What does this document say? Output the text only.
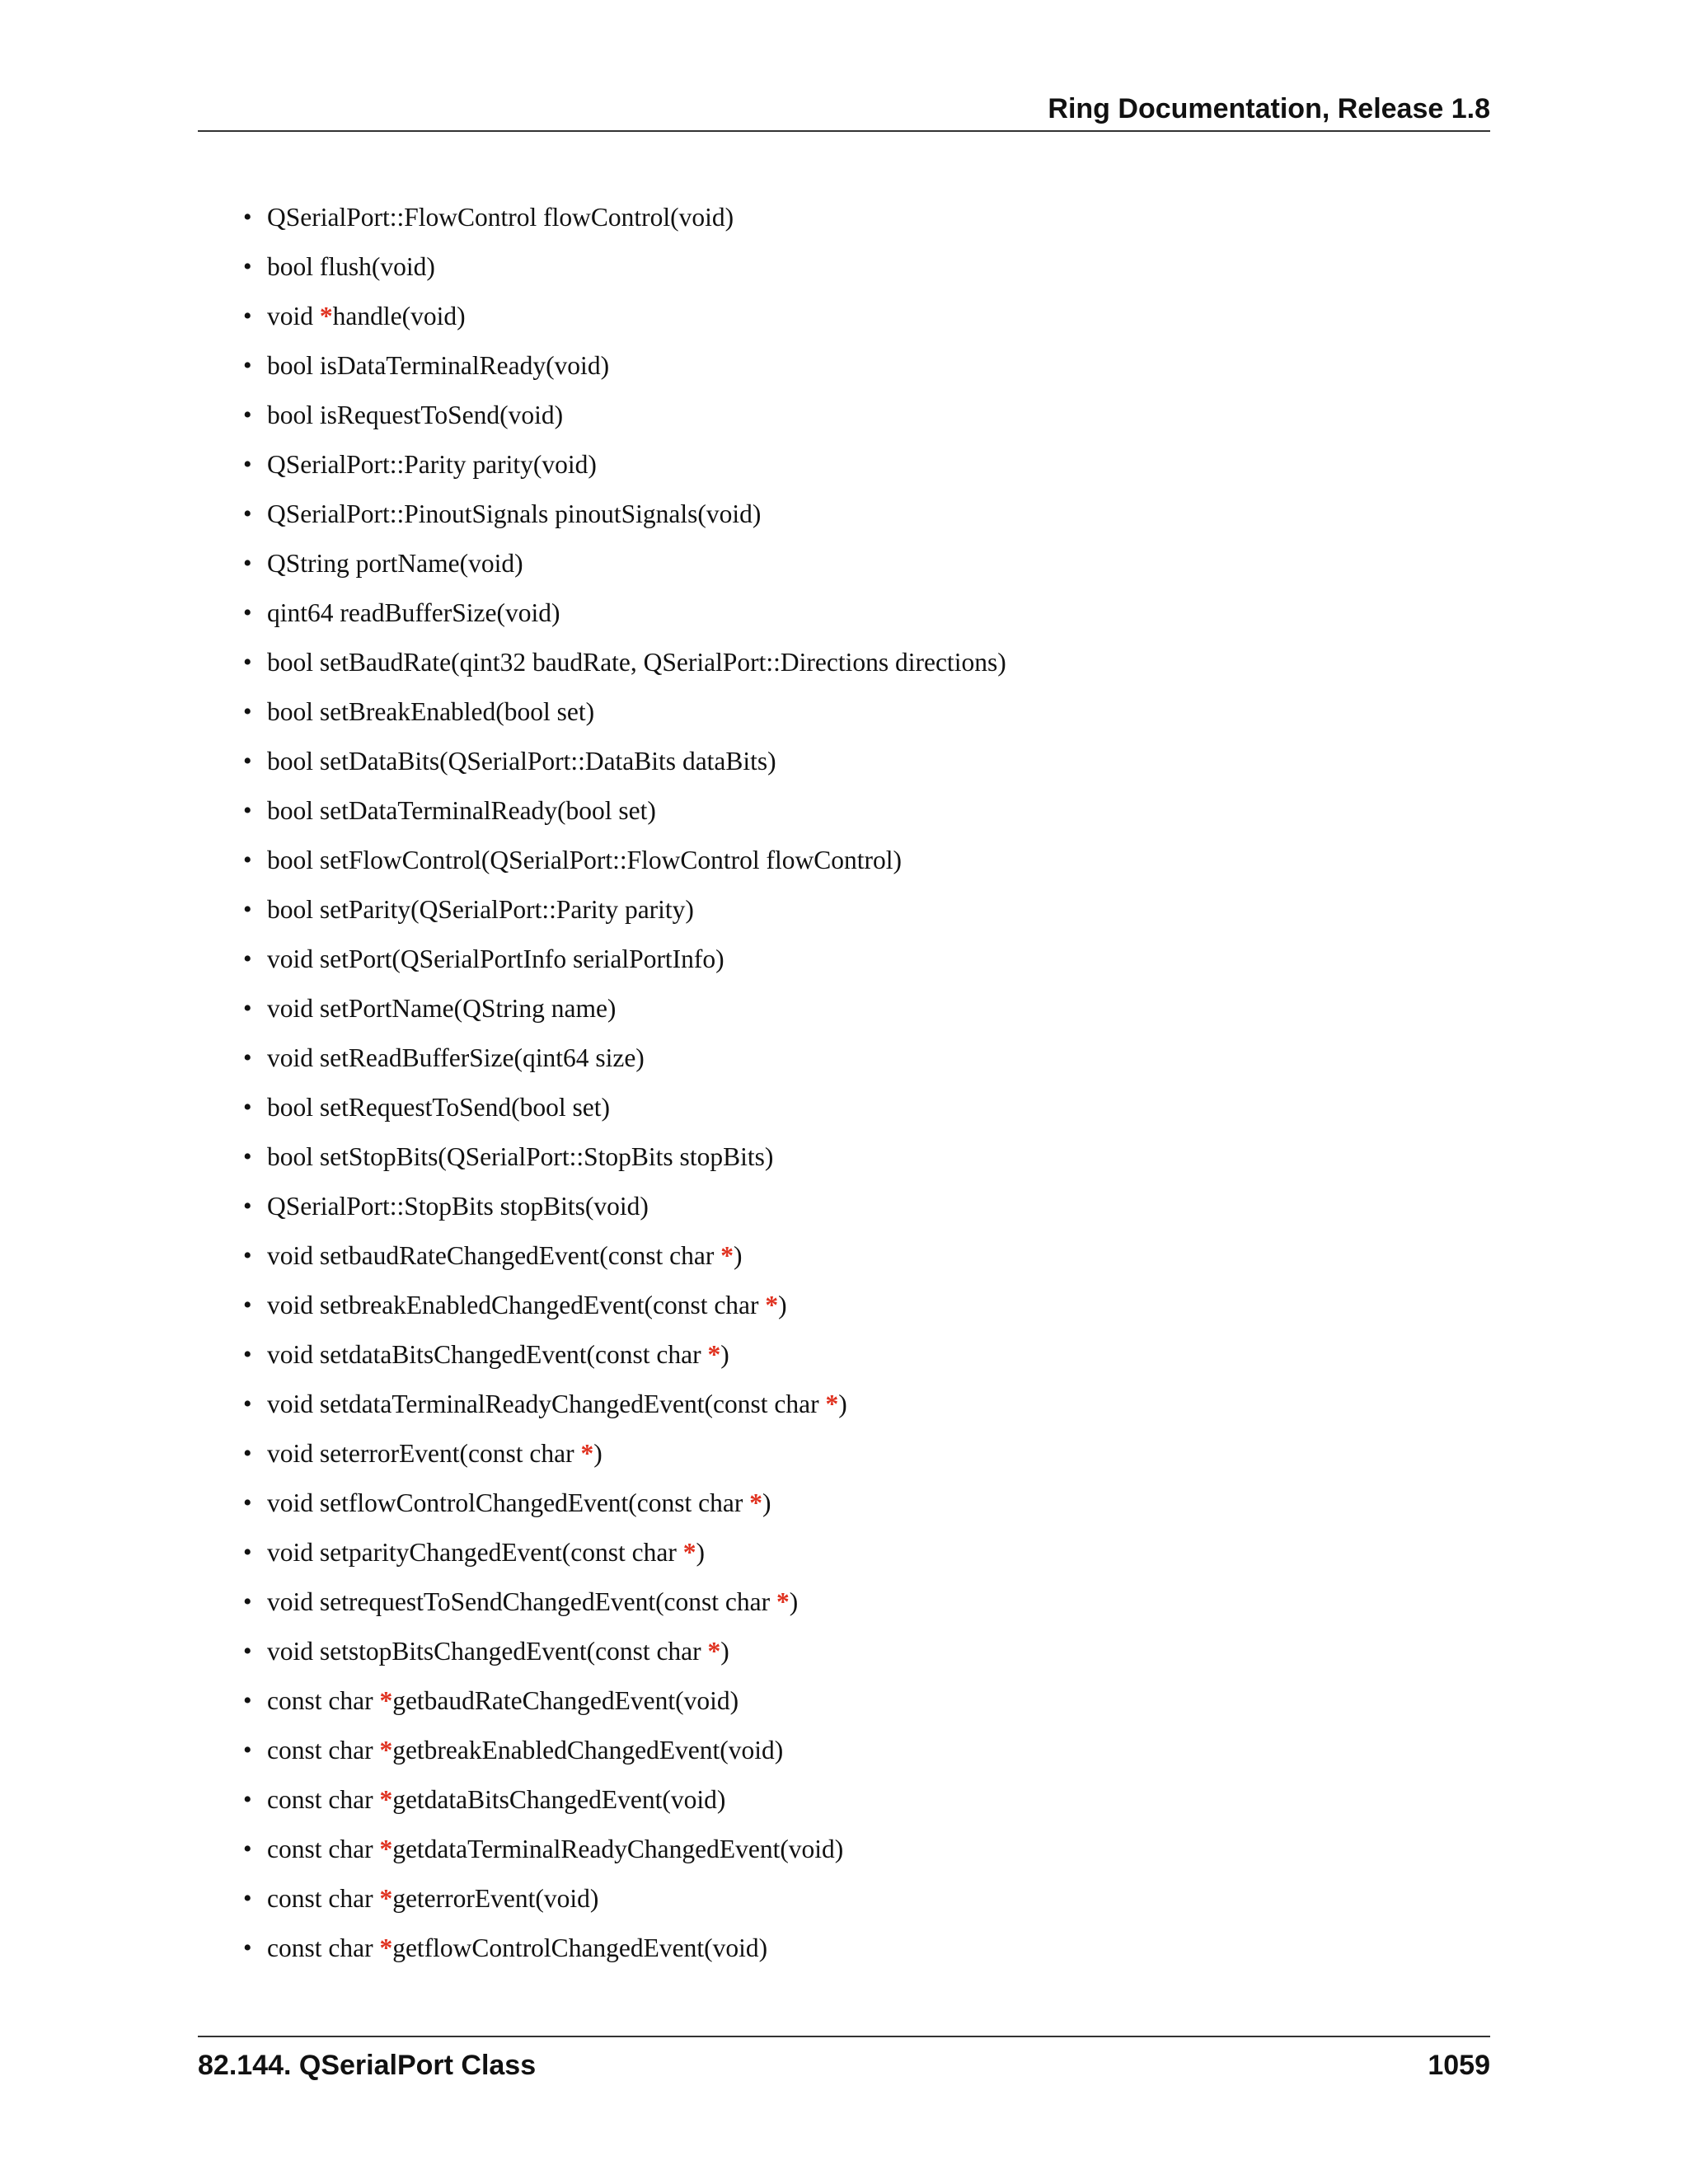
Ring Documentation, Release 1.8
• QSerialPort::FlowControl flowControl(void)
• bool flush(void)
• void *handle(void)
• bool isDataTerminalReady(void)
• bool isRequestToSend(void)
• QSerialPort::Parity parity(void)
• QSerialPort::PinoutSignals pinoutSignals(void)
• QString portName(void)
• qint64 readBufferSize(void)
• bool setBaudRate(qint32 baudRate, QSerialPort::Directions directions)
• bool setBreakEnabled(bool set)
• bool setDataBits(QSerialPort::DataBits dataBits)
• bool setDataTerminalReady(bool set)
• bool setFlowControl(QSerialPort::FlowControl flowControl)
• bool setParity(QSerialPort::Parity parity)
• void setPort(QSerialPortInfo serialPortInfo)
• void setPortName(QString name)
• void setReadBufferSize(qint64 size)
• bool setRequestToSend(bool set)
• bool setStopBits(QSerialPort::StopBits stopBits)
• QSerialPort::StopBits stopBits(void)
• void setbaudRateChangedEvent(const char *)
• void setbreakEnabledChangedEvent(const char *)
• void setdataBitsChangedEvent(const char *)
• void setdataTerminalReadyChangedEvent(const char *)
• void seterrorEvent(const char *)
• void setflowControlChangedEvent(const char *)
• void setparityChangedEvent(const char *)
• void setrequestToSendChangedEvent(const char *)
• void setstopBitsChangedEvent(const char *)
• const char *getbaudRateChangedEvent(void)
• const char *getbreakEnabledChangedEvent(void)
• const char *getdataBitsChangedEvent(void)
• const char *getdataTerminalReadyChangedEvent(void)
• const char *geterrorEvent(void)
• const char *getflowControlChangedEvent(void)
82.144. QSerialPort Class	1059
